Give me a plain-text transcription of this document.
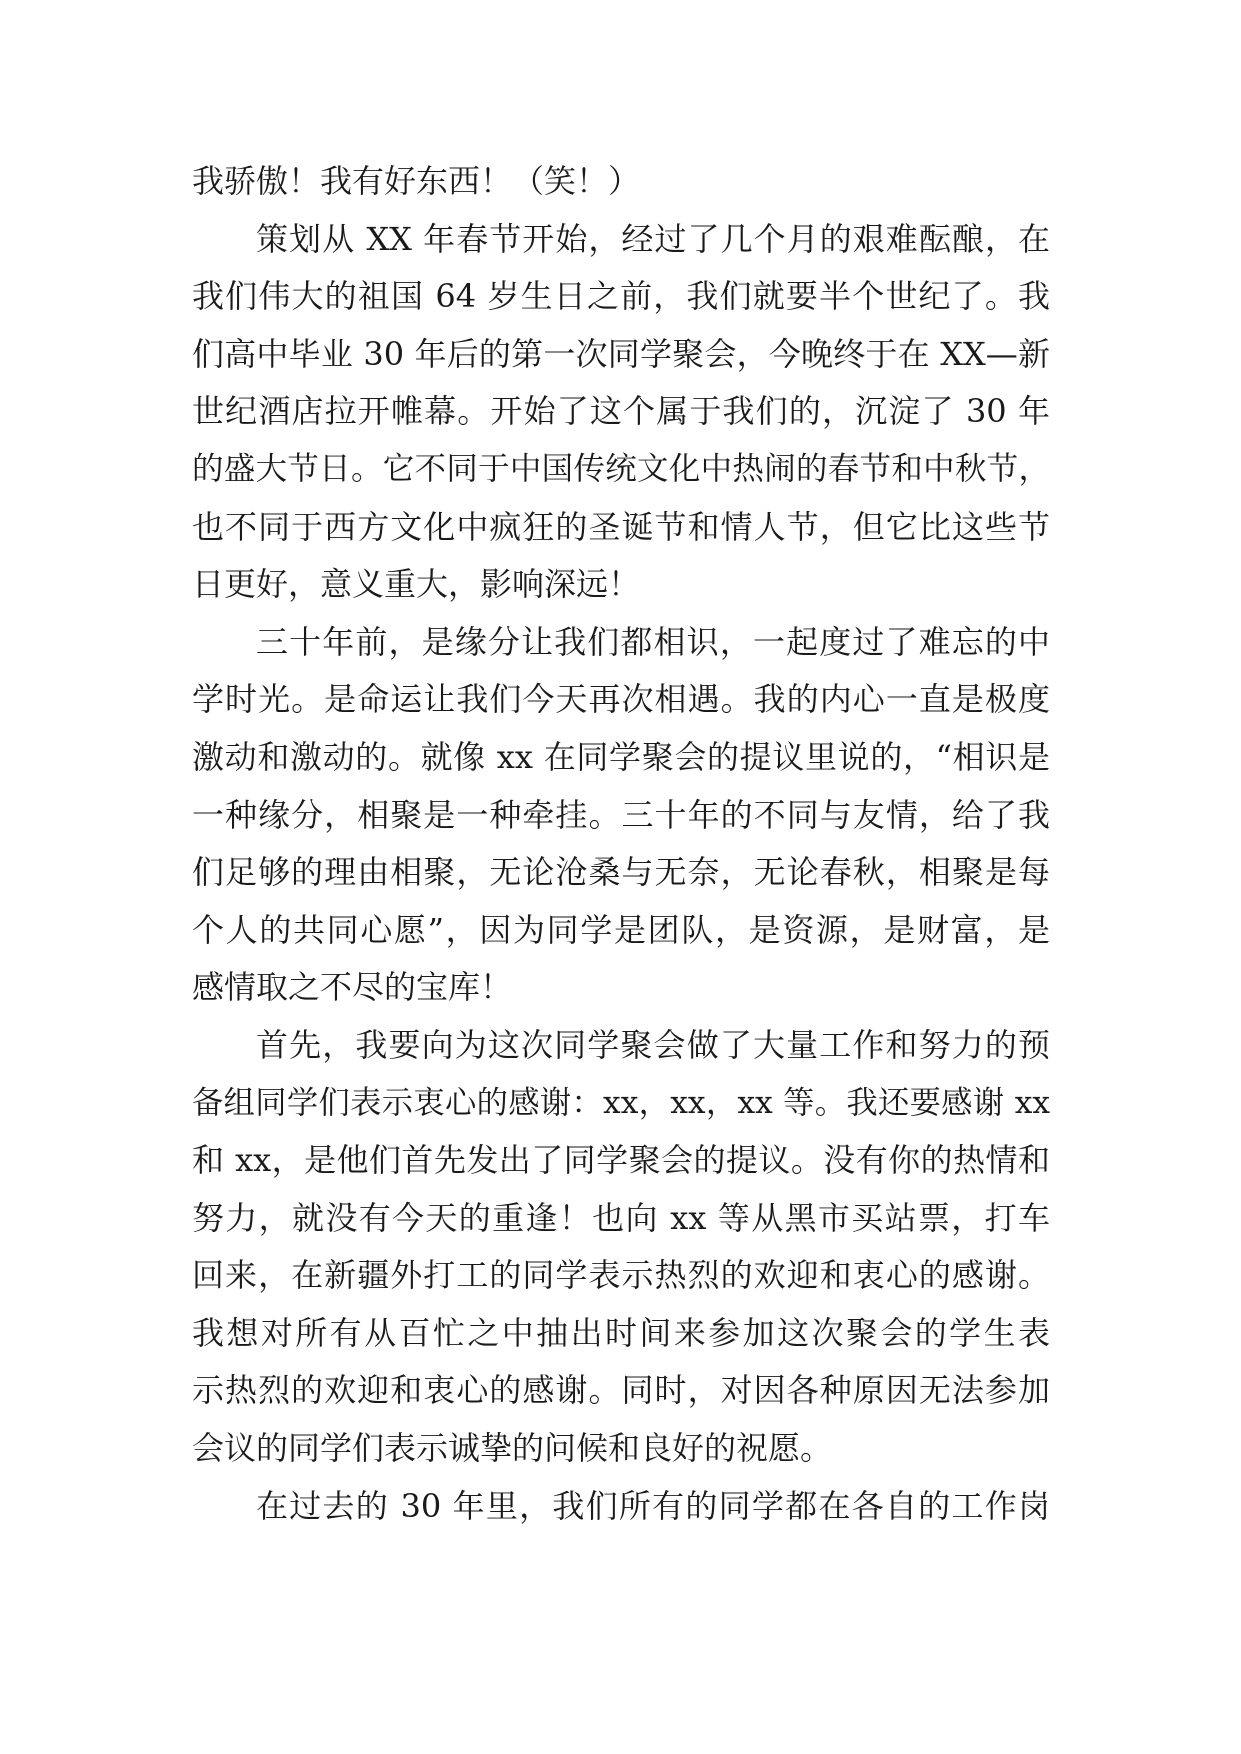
我骄傲！我有好东西！（笑！）
策划从 XX 年春节开始，经过了几个月的艰难酝酿，在
我们伟大的祖国 64 岁生日之前，我们就要半个世纪了。我
们高中毕业 30 年后的第一次同学聚会，今晚终于在 XX—新
世纪酒店拉开帷幕。开始了这个属于我们的，沉淀了 30 年
的盛大节日。它不同于中国传统文化中热闹的春节和中秋节，
也不同于西方文化中疯狂的圣诞节和情人节，但它比这些节
日更好，意义重大，影响深远！
三十年前，是缘分让我们都相识，一起度过了难忘的中
学时光。是命运让我们今天再次相遇。我的内心一直是极度
激动和激动的。就像 xx 在同学聚会的提议里说的，“相识是
一种缘分，相聚是一种牵挂。三十年的不同与友情，给了我
们足够的理由相聚，无论沧桑与无奈，无论春秋，相聚是每
个人的共同心愿”，因为同学是团队，是资源，是财富，是
感情取之不尽的宝库！
首先，我要向为这次同学聚会做了大量工作和努力的预
备组同学们表示衷心的感谢：xx，xx，xx 等。我还要感谢 xx
和 xx，是他们首先发出了同学聚会的提议。没有你的热情和
努力，就没有今天的重逢！也向 xx 等从黑市买站票，打车
回来，在新疆外打工的同学表示热烈的欢迎和衷心的感谢。
我想对所有从百忙之中抽出时间来参加这次聚会的学生表
示热烈的欢迎和衷心的感谢。同时，对因各种原因无法参加
会议的同学们表示诚挚的问候和良好的祝愿。
在过去的 30 年里，我们所有的同学都在各自的工作岗
